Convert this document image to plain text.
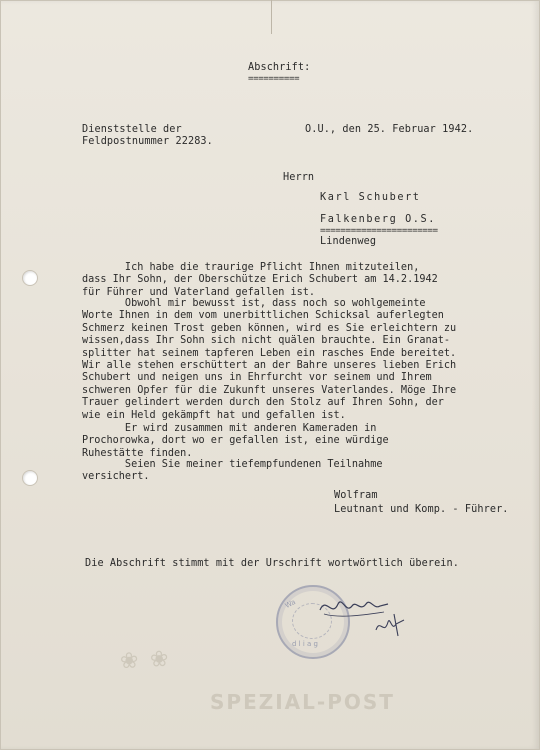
❀ ❀
SPEZIAL-POST
Abschrift:
==========
Dienststelle der
Feldpostnummer 22283.
O.U., den 25. Februar 1942.
Herrn
Karl Schubert
Falkenberg O.S.
=======================
Lindenweg
Ich habe die traurige Pflicht Ihnen mitzuteilen,
dass Ihr Sohn, der Oberschütze Erich Schubert am 14.2.1942
für Führer und Vaterland gefallen ist.
Obwohl mir bewusst ist, dass noch so wohlgemeinte
Worte Ihnen in dem vom unerbittlichen Schicksal auferlegten
Schmerz keinen Trost geben können, wird es Sie erleichtern zu
wissen,dass Ihr Sohn sich nicht quälen brauchte. Ein Granat-
splitter hat seinem tapferen Leben ein rasches Ende bereitet.
Wir alle stehen erschüttert an der Bahre unseres lieben Erich
Schubert und neigen uns in Ehrfurcht vor seinem und Ihrem
schweren Opfer für die Zukunft unseres Vaterlandes. Möge Ihre
Trauer gelindert werden durch den Stolz auf Ihren Sohn, der
wie ein Held gekämpft hat und gefallen ist.
Er wird zusammen mit anderen Kameraden in
Prochorowka, dort wo er gefallen ist, eine würdige
Ruhestätte finden.
Seien Sie meiner tiefempfundenen Teilnahme
versichert.
Wolfram
Leutnant und Komp. - Führer.
Die Abschrift stimmt mit der Urschrift wortwörtlich überein.
Wa
d l i a g
